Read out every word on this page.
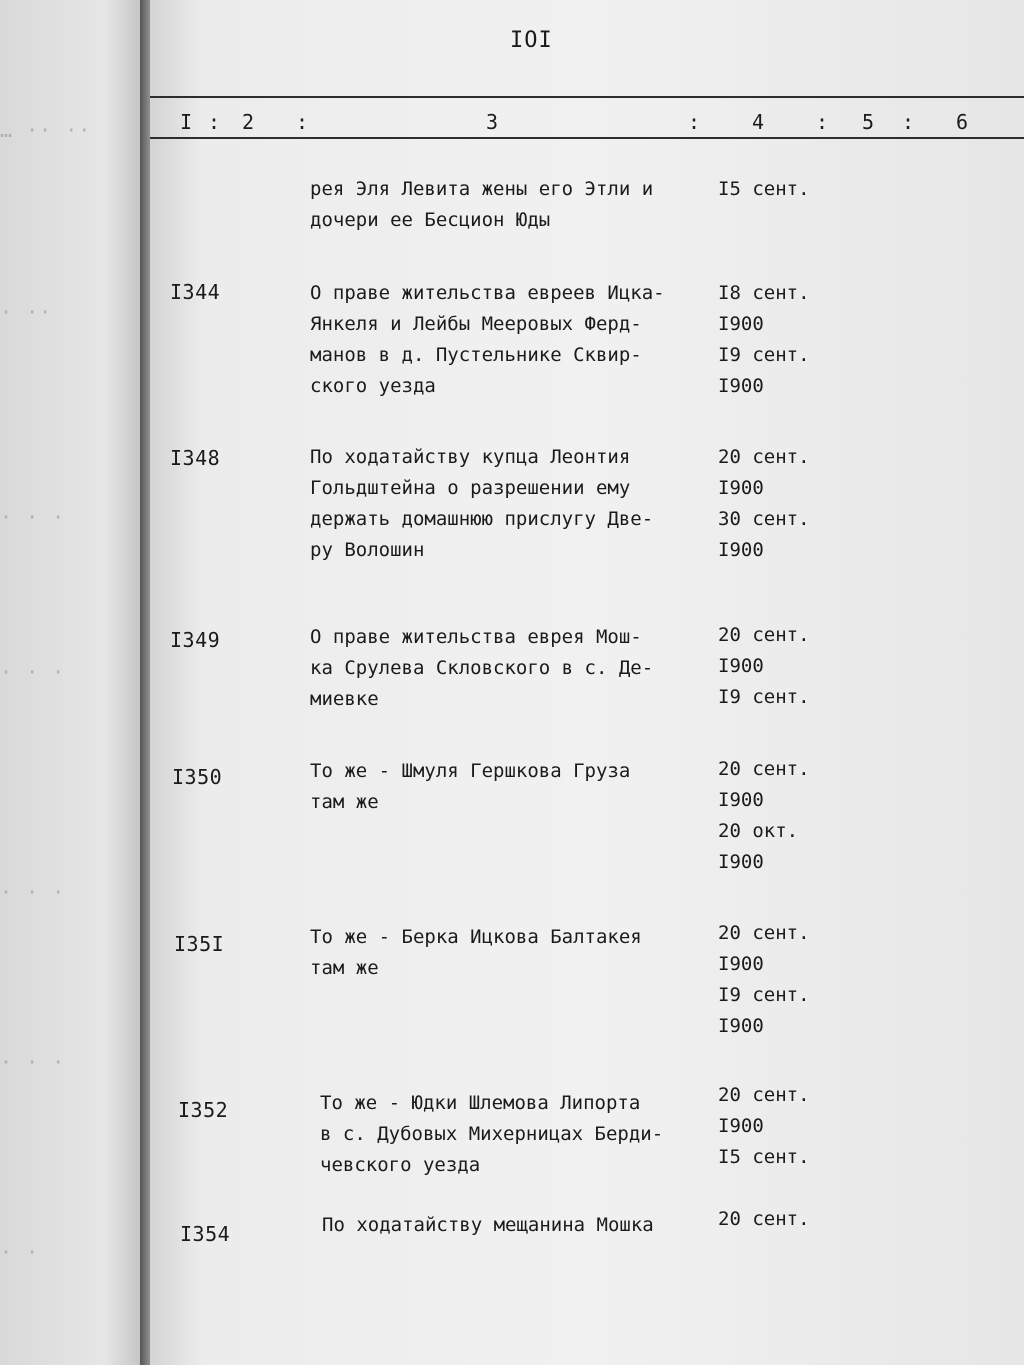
… ·· ··
· ··
· · ·
· · ·
· · ·
· · ·
· ·
IOI
I : 2 :	3	:	4	: 5 : 6
рея Эля Левита жены его Этли и
дочери ее Бесцион Юды
I5 сент.
I344	О праве жительства евреев Ицка-
Янкеля и Лейбы Мееровых Ферд-
манов в д. Пустельнике Сквир-
ского уезда
I8 сент.
I900
I9 сент.
I900
I348	По ходатайству купца Леонтия
Гольдштейна о разрешении ему
держать домашнюю прислугу Две-
ру Волошин
20 сент.
I900
30 сент.
I900
I349	О праве жительства еврея Мош-
ка Срулева Скловского в с. Де-
миевке
20 сент.
I900
I9 сент.
I350	То же - Шмуля Гершкова Груза
там же
20 сент.
I900
20 окт.
I900
I35I	То же - Берка Ицкова Балтакея
там же
20 сент.
I900
I9 сент.
I900
I352	То же - Юдки Шлемова Липорта
в с. Дубовых Михерницах Берди-
чевского уезда
20 сент.
I900
I5 сент.
I354	По ходатайству мещанина Мошка	20 сент.
